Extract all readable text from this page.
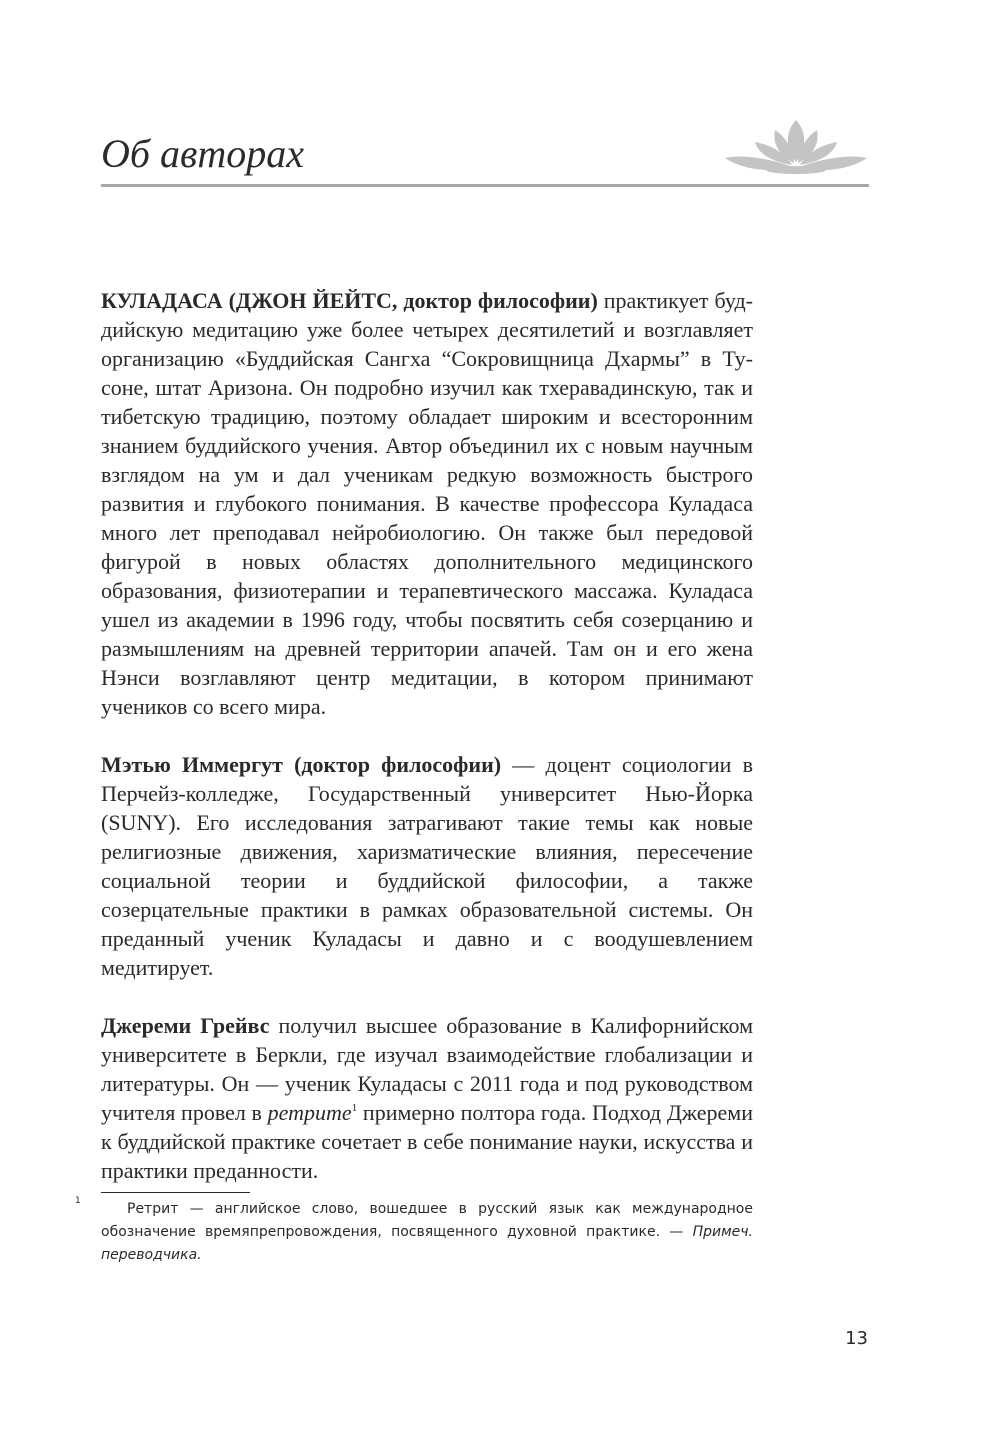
Об авторах

КУЛАДАСА (ДЖОН ЙЕЙТС, доктор философии) практикует буддийскую медитацию уже более четырех десятилетий и возглавляет организацию «Буддийская Сангха “Сокровищница Дхармы” в Тусоне, штат Аризона. Он подробно изучил как тхеравадинскую, так и тибетскую традицию, поэтому обладает широким и всесторонним знанием буддийского учения. Автор объединил их с новым научным взглядом на ум и дал ученикам редкую возможность быстрого развития и глубокого понимания. В качестве профессора Куладаса много лет преподавал нейробиологию. Он также был передовой фигурой в новых областях дополнительного медицинского образования, физиотерапии и терапевтического массажа. Куладаса ушел из академии в 1996 году, чтобы посвятить себя созерцанию и размышлениям на древней территории апачей. Там он и его жена Нэнси возглавляют центр медитации, в котором принимают учеников со всего мира.

Мэтью Иммергут (доктор философии) — доцент социологии в Перчейз-колледже, Государственный университет Нью-Йорка (SUNY). Его исследования затрагивают такие темы как новые религиозные движения, харизматические влияния, пересечение социальной теории и буддийской философии, а также созерцательные практики в рамках образовательной системы. Он преданный ученик Куладасы и давно и с воодушевлением медитирует.

Джереми Грейвс получил высшее образование в Калифорнийском университете в Беркли, где изучал взаимодействие глобализации и литературы. Он — ученик Куладасы с 2011 года и под руководством учителя провел в ретрите$^1$ примерно полтора года. Подход Джереми к буддийской практике сочетает в себе понимание науки, искусства и практики преданности.

1	Ретрит — английское слово, вошедшее в русский язык как международное обозначение времяпрепровождения, посвященного духовной практике. — Примеч. переводчика.

13
